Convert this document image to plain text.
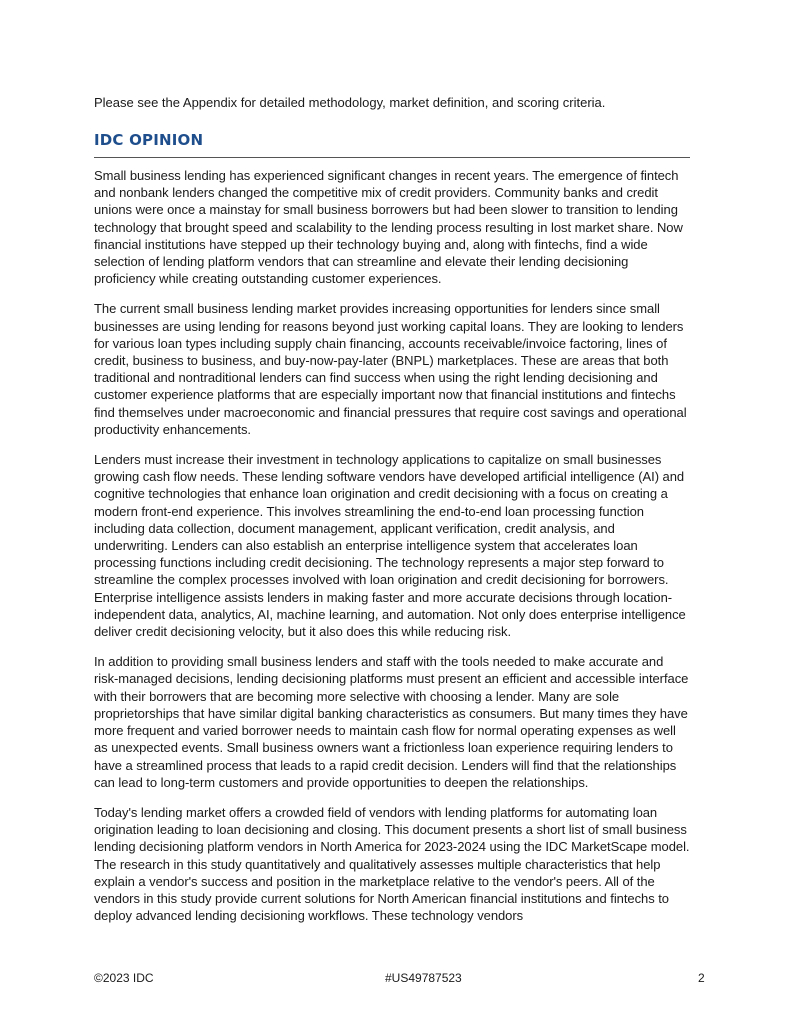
Please see the Appendix for detailed methodology, market definition, and scoring criteria.

IDC OPINION

Small business lending has experienced significant changes in recent years. The emergence of fintech and nonbank lenders changed the competitive mix of credit providers. Community banks and credit unions were once a mainstay for small business borrowers but had been slower to transition to lending technology that brought speed and scalability to the lending process resulting in lost market share. Now financial institutions have stepped up their technology buying and, along with fintechs, find a wide selection of lending platform vendors that can streamline and elevate their lending decisioning proficiency while creating outstanding customer experiences.

The current small business lending market provides increasing opportunities for lenders since small businesses are using lending for reasons beyond just working capital loans. They are looking to lenders for various loan types including supply chain financing, accounts receivable/invoice factoring, lines of credit, business to business, and buy-now-pay-later (BNPL) marketplaces. These are areas that both traditional and nontraditional lenders can find success when using the right lending decisioning and customer experience platforms that are especially important now that financial institutions and fintechs find themselves under macroeconomic and financial pressures that require cost savings and operational productivity enhancements.

Lenders must increase their investment in technology applications to capitalize on small businesses growing cash flow needs. These lending software vendors have developed artificial intelligence (AI) and cognitive technologies that enhance loan origination and credit decisioning with a focus on creating a modern front-end experience. This involves streamlining the end-to-end loan processing function including data collection, document management, applicant verification, credit analysis, and underwriting. Lenders can also establish an enterprise intelligence system that accelerates loan processing functions including credit decisioning. The technology represents a major step forward to streamline the complex processes involved with loan origination and credit decisioning for borrowers. Enterprise intelligence assists lenders in making faster and more accurate decisions through location-independent data, analytics, AI, machine learning, and automation. Not only does enterprise intelligence deliver credit decisioning velocity, but it also does this while reducing risk.

In addition to providing small business lenders and staff with the tools needed to make accurate and risk-managed decisions, lending decisioning platforms must present an efficient and accessible interface with their borrowers that are becoming more selective with choosing a lender. Many are sole proprietorships that have similar digital banking characteristics as consumers. But many times they have more frequent and varied borrower needs to maintain cash flow for normal operating expenses as well as unexpected events. Small business owners want a frictionless loan experience requiring lenders to have a streamlined process that leads to a rapid credit decision. Lenders will find that the relationships can lead to long-term customers and provide opportunities to deepen the relationships.

Today's lending market offers a crowded field of vendors with lending platforms for automating loan origination leading to loan decisioning and closing. This document presents a short list of small business lending decisioning platform vendors in North America for 2023-2024 using the IDC MarketScape model. The research in this study quantitatively and qualitatively assesses multiple characteristics that help explain a vendor's success and position in the marketplace relative to the vendor's peers. All of the vendors in this study provide current solutions for North American financial institutions and fintechs to deploy advanced lending decisioning workflows. These technology vendors

©2023 IDC	#US49787523	2
